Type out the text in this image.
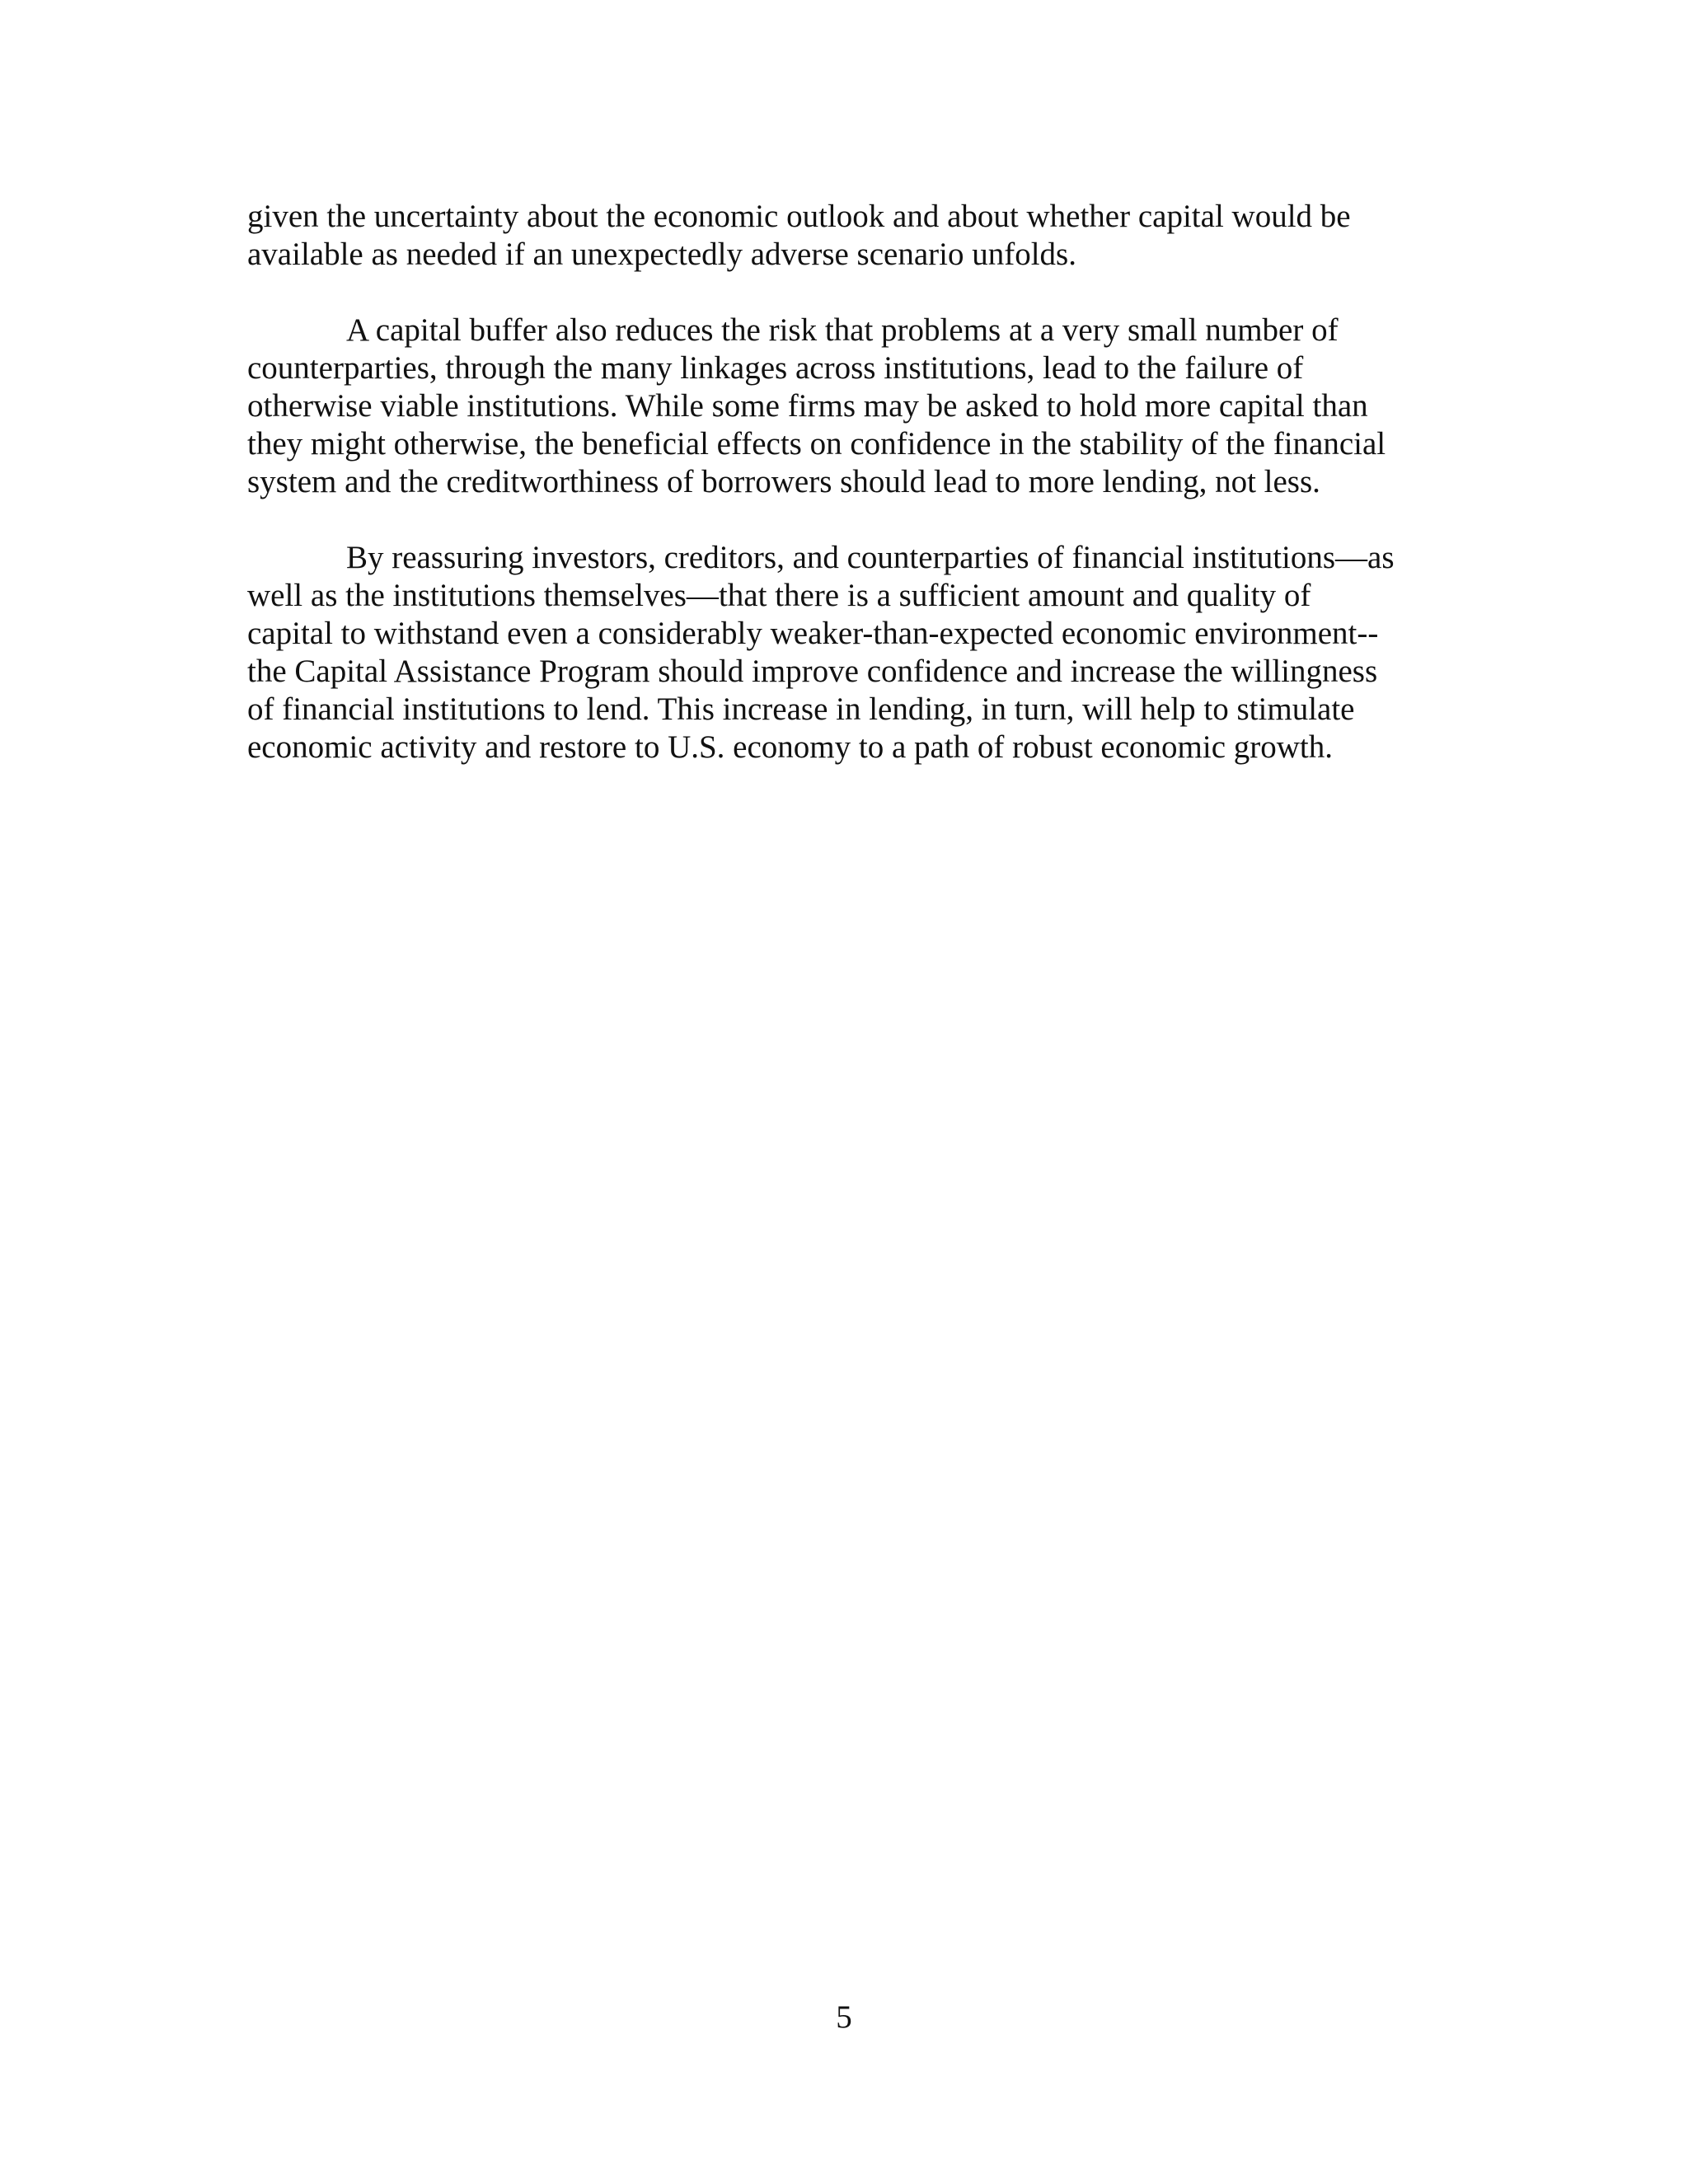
given the uncertainty about the economic outlook and about whether capital would be
available as needed if an unexpectedly adverse scenario unfolds.

A capital buffer also reduces the risk that problems at a very small number of
counterparties, through the many linkages across institutions, lead to the failure of
otherwise viable institutions. While some firms may be asked to hold more capital than
they might otherwise, the beneficial effects on confidence in the stability of the financial
system and the creditworthiness of borrowers should lead to more lending, not less.

By reassuring investors, creditors, and counterparties of financial institutions—as
well as the institutions themselves—that there is a sufficient amount and quality of
capital to withstand even a considerably weaker-than-expected economic environment--
the Capital Assistance Program should improve confidence and increase the willingness
of financial institutions to lend. This increase in lending, in turn, will help to stimulate
economic activity and restore to U.S. economy to a path of robust economic growth.

5
